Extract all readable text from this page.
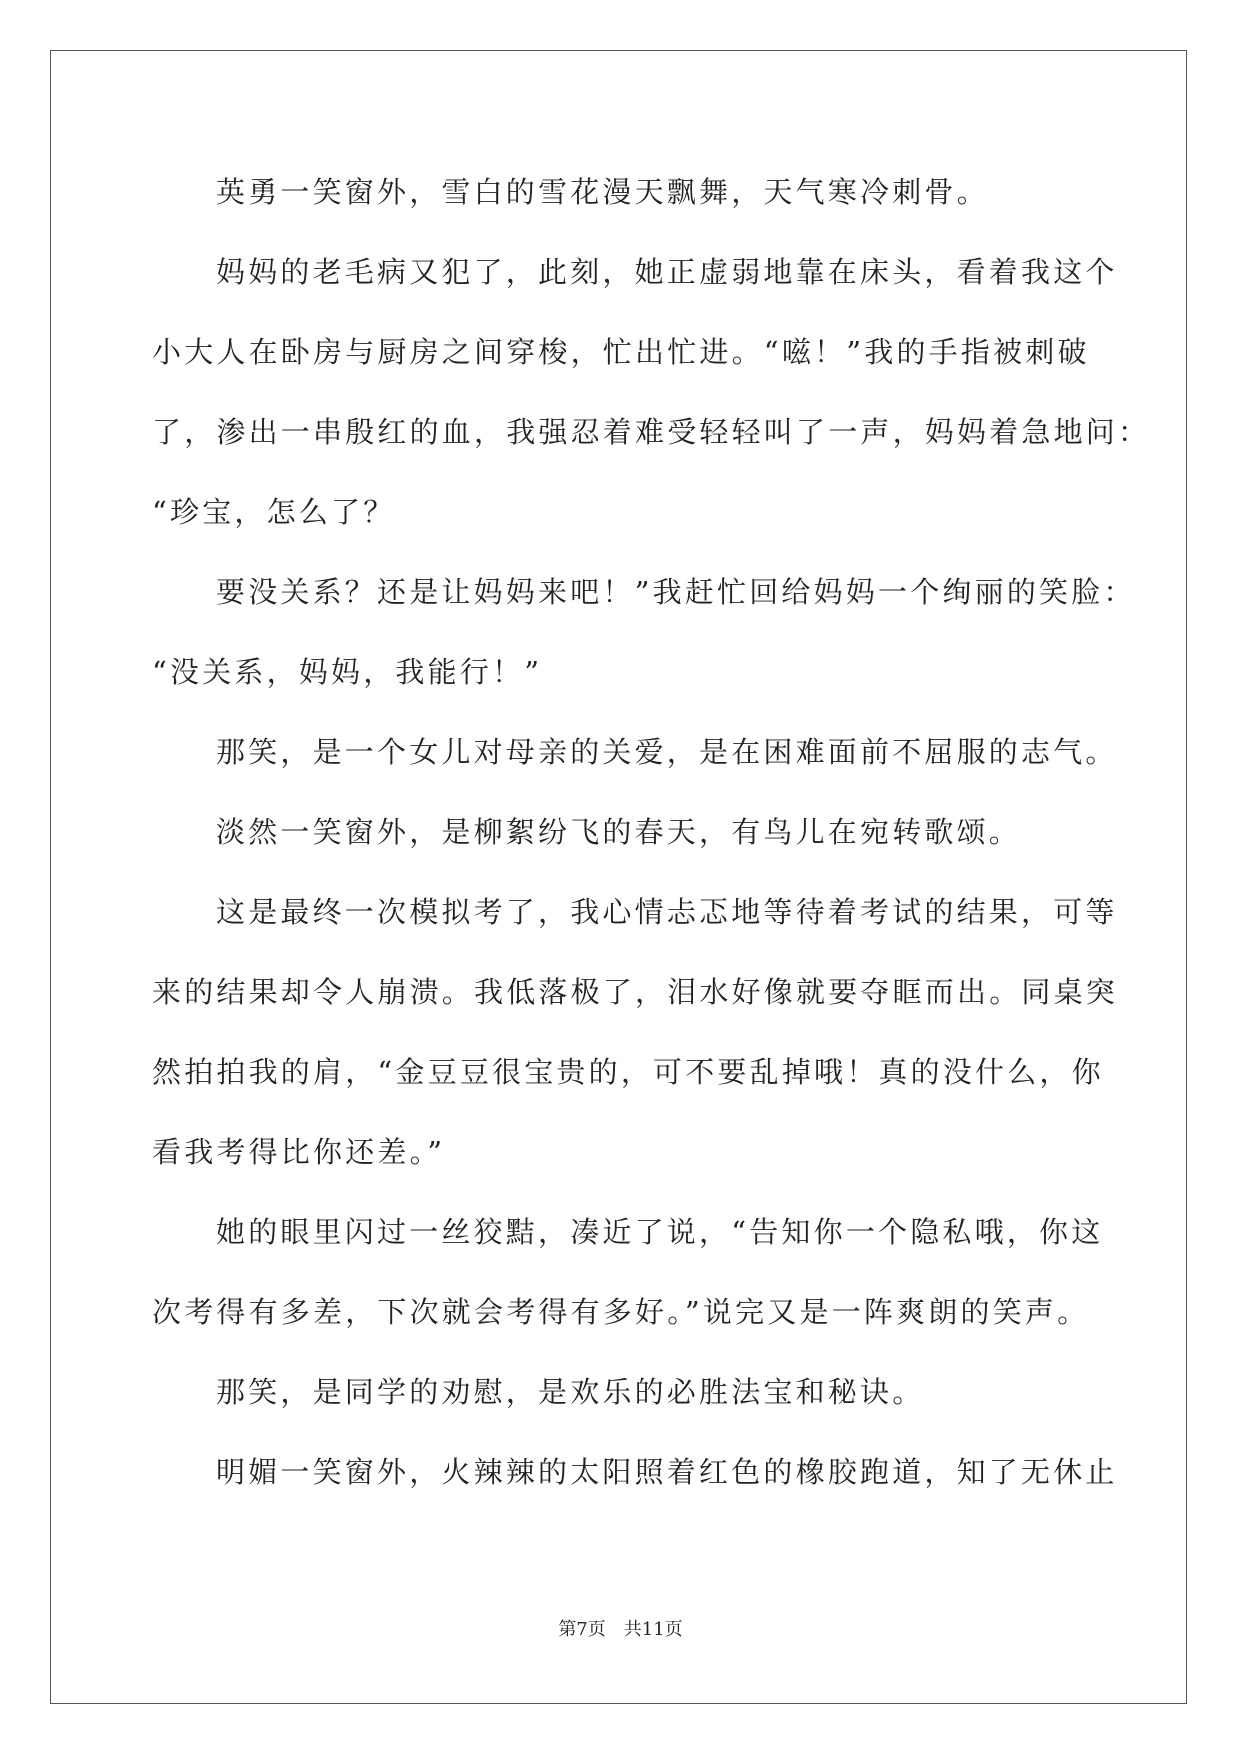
英勇一笑窗外，雪白的雪花漫天飘舞，天气寒冷刺骨。
妈妈的老毛病又犯了，此刻，她正虚弱地靠在床头，看着我这个
小大人在卧房与厨房之间穿梭，忙出忙进。“嗞！”我的手指被刺破
了，渗出一串殷红的血，我强忍着难受轻轻叫了一声，妈妈着急地问：
“珍宝，怎么了？
要没关系？还是让妈妈来吧！”我赶忙回给妈妈一个绚丽的笑脸：
“没关系，妈妈，我能行！”
那笑，是一个女儿对母亲的关爱，是在困难面前不屈服的志气。
淡然一笑窗外，是柳絮纷飞的春天，有鸟儿在宛转歌颂。
这是最终一次模拟考了，我心情忐忑地等待着考试的结果，可等
来的结果却令人崩溃。我低落极了，泪水好像就要夺眶而出。同桌突
然拍拍我的肩，“金豆豆很宝贵的，可不要乱掉哦！真的没什么，你
看我考得比你还差。”
她的眼里闪过一丝狡黠，凑近了说，“告知你一个隐私哦，你这
次考得有多差，下次就会考得有多好。”说完又是一阵爽朗的笑声。
那笑，是同学的劝慰，是欢乐的必胜法宝和秘诀。
明媚一笑窗外，火辣辣的太阳照着红色的橡胶跑道，知了无休止
第7页 共11页
